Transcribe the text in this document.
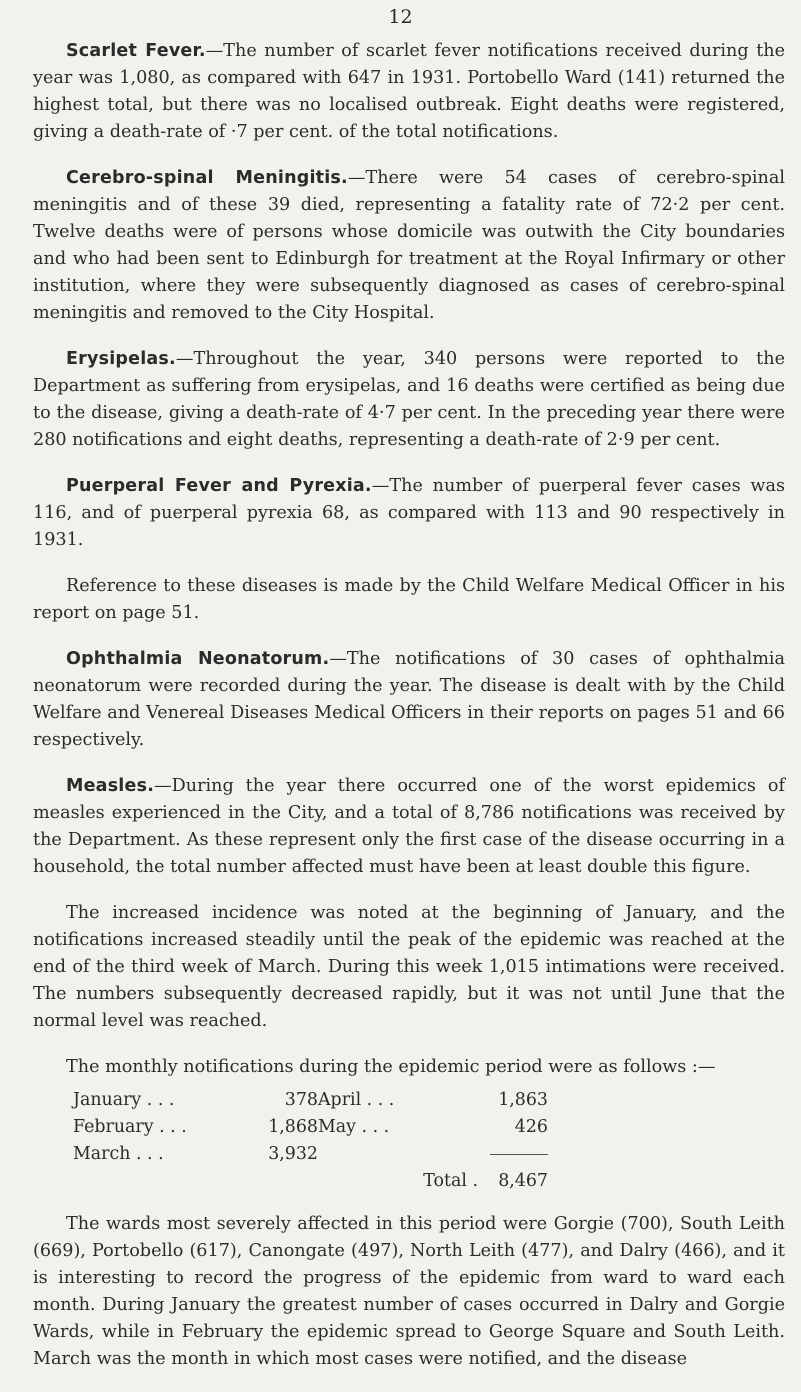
12

Scarlet Fever.—The number of scarlet fever notifications received during the year was 1,080, as compared with 647 in 1931. Portobello Ward (141) returned the highest total, but there was no localised outbreak. Eight deaths were registered, giving a death-rate of ·7 per cent. of the total notifications.

Cerebro-spinal Meningitis.—There were 54 cases of cerebro-spinal meningitis and of these 39 died, representing a fatality rate of 72·2 per cent. Twelve deaths were of persons whose domicile was outwith the City boundaries and who had been sent to Edinburgh for treatment at the Royal Infirmary or other institution, where they were subsequently diagnosed as cases of cerebro-spinal meningitis and removed to the City Hospital.

Erysipelas.—Throughout the year, 340 persons were reported to the Department as suffering from erysipelas, and 16 deaths were certified as being due to the disease, giving a death-rate of 4·7 per cent. In the preceding year there were 280 notifications and eight deaths, representing a death-rate of 2·9 per cent.

Puerperal Fever and Pyrexia.—The number of puerperal fever cases was 116, and of puerperal pyrexia 68, as compared with 113 and 90 respectively in 1931.

Reference to these diseases is made by the Child Welfare Medical Officer in his report on page 51.

Ophthalmia Neonatorum.—The notifications of 30 cases of ophthalmia neonatorum were recorded during the year. The disease is dealt with by the Child Welfare and Venereal Diseases Medical Officers in their reports on pages 51 and 66 respectively.

Measles.—During the year there occurred one of the worst epidemics of measles experienced in the City, and a total of 8,786 notifications was received by the Department. As these represent only the first case of the disease occurring in a household, the total number affected must have been at least double this figure.

The increased incidence was noted at the beginning of January, and the notifications increased steadily until the peak of the epidemic was reached at the end of the third week of March. During this week 1,015 intimations were received. The numbers subsequently decreased rapidly, but it was not until June that the normal level was reached.

The monthly notifications during the epidemic period were as follows :—

January . . .	378	April . . .	1,863
February . . .	1,868	May . . .	426
March . . .	3,932		
		Total .	8,467

The wards most severely affected in this period were Gorgie (700), South Leith (669), Portobello (617), Canongate (497), North Leith (477), and Dalry (466), and it is interesting to record the progress of the epidemic from ward to ward each month. During January the greatest number of cases occurred in Dalry and Gorgie Wards, while in February the epidemic spread to George Square and South Leith. March was the month in which most cases were notified, and the disease
